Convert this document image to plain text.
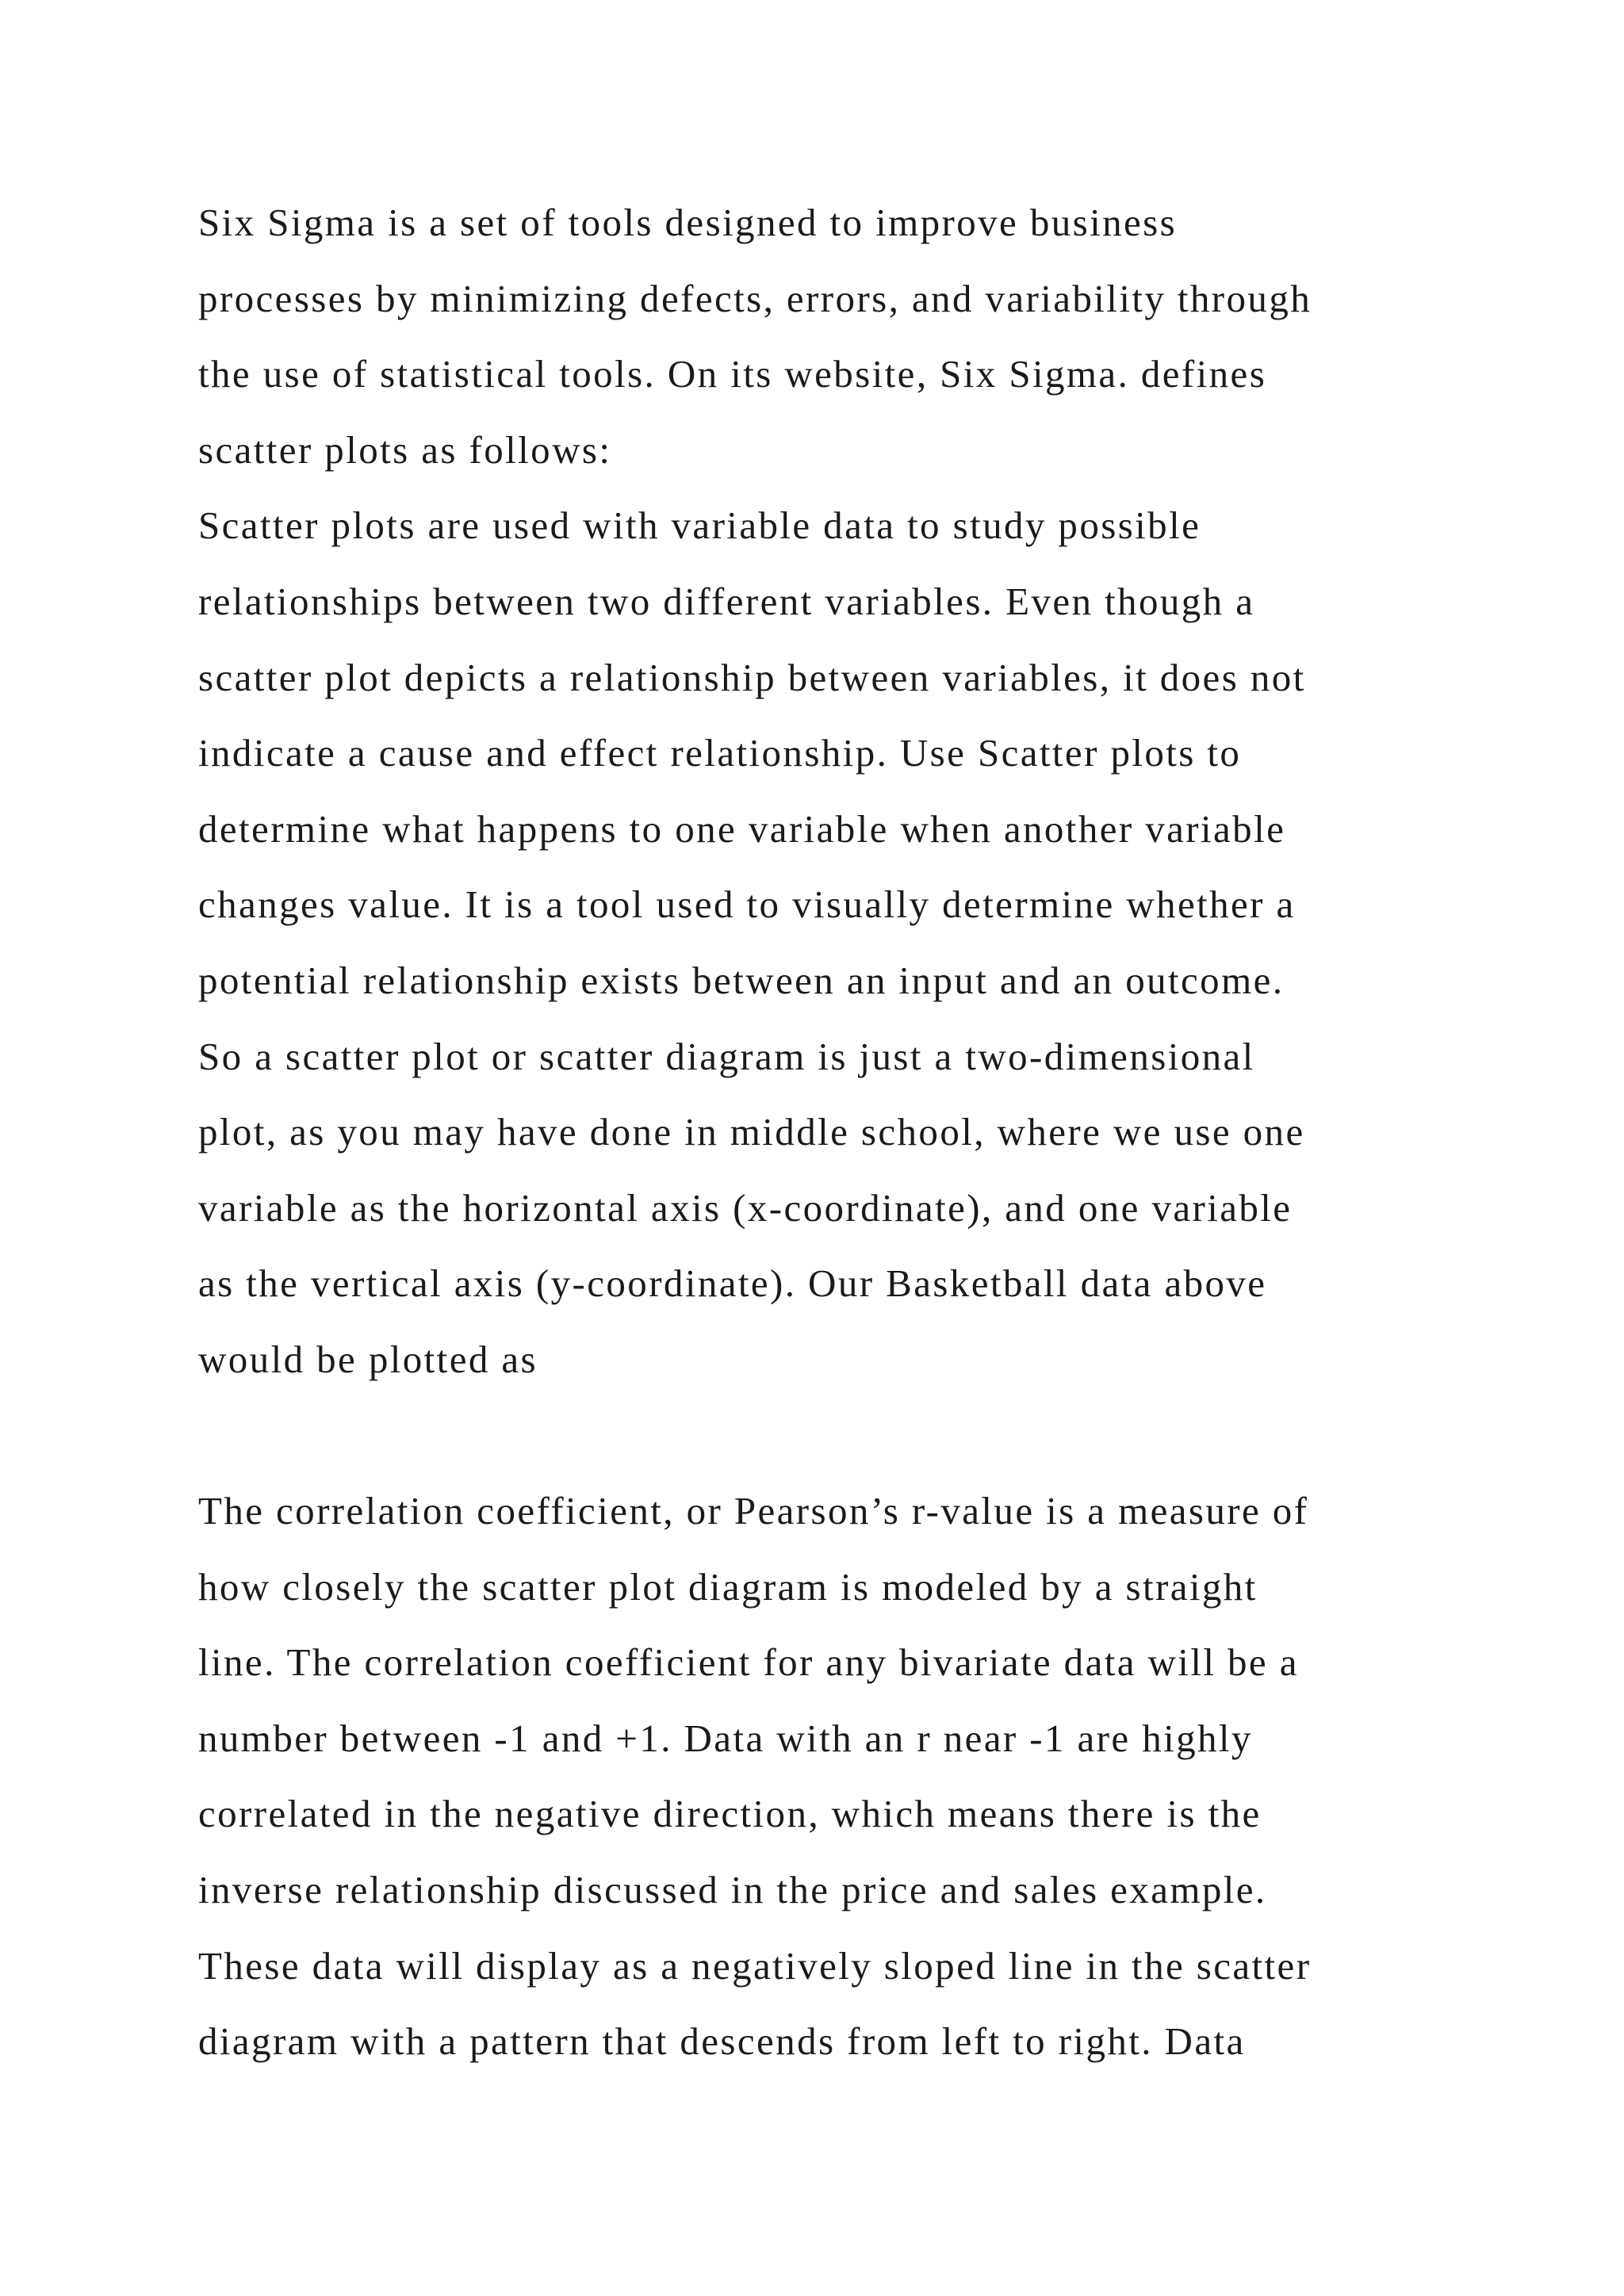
Six Sigma is a set of tools designed to improve business
processes by minimizing defects, errors, and variability through
the use of statistical tools. On its website, Six Sigma. defines
scatter plots as follows:
Scatter plots are used with variable data to study possible
relationships between two different variables. Even though a
scatter plot depicts a relationship between variables, it does not
indicate a cause and effect relationship. Use Scatter plots to
determine what happens to one variable when another variable
changes value. It is a tool used to visually determine whether a
potential relationship exists between an input and an outcome.
So a scatter plot or scatter diagram is just a two-dimensional
plot, as you may have done in middle school, where we use one
variable as the horizontal axis (x-coordinate), and one variable
as the vertical axis (y-coordinate). Our Basketball data above
would be plotted as
The correlation coefficient, or Pearson’s r-value is a measure of
how closely the scatter plot diagram is modeled by a straight
line. The correlation coefficient for any bivariate data will be a
number between -1 and +1. Data with an r near -1 are highly
correlated in the negative direction, which means there is the
inverse relationship discussed in the price and sales example.
These data will display as a negatively sloped line in the scatter
diagram with a pattern that descends from left to right. Data
